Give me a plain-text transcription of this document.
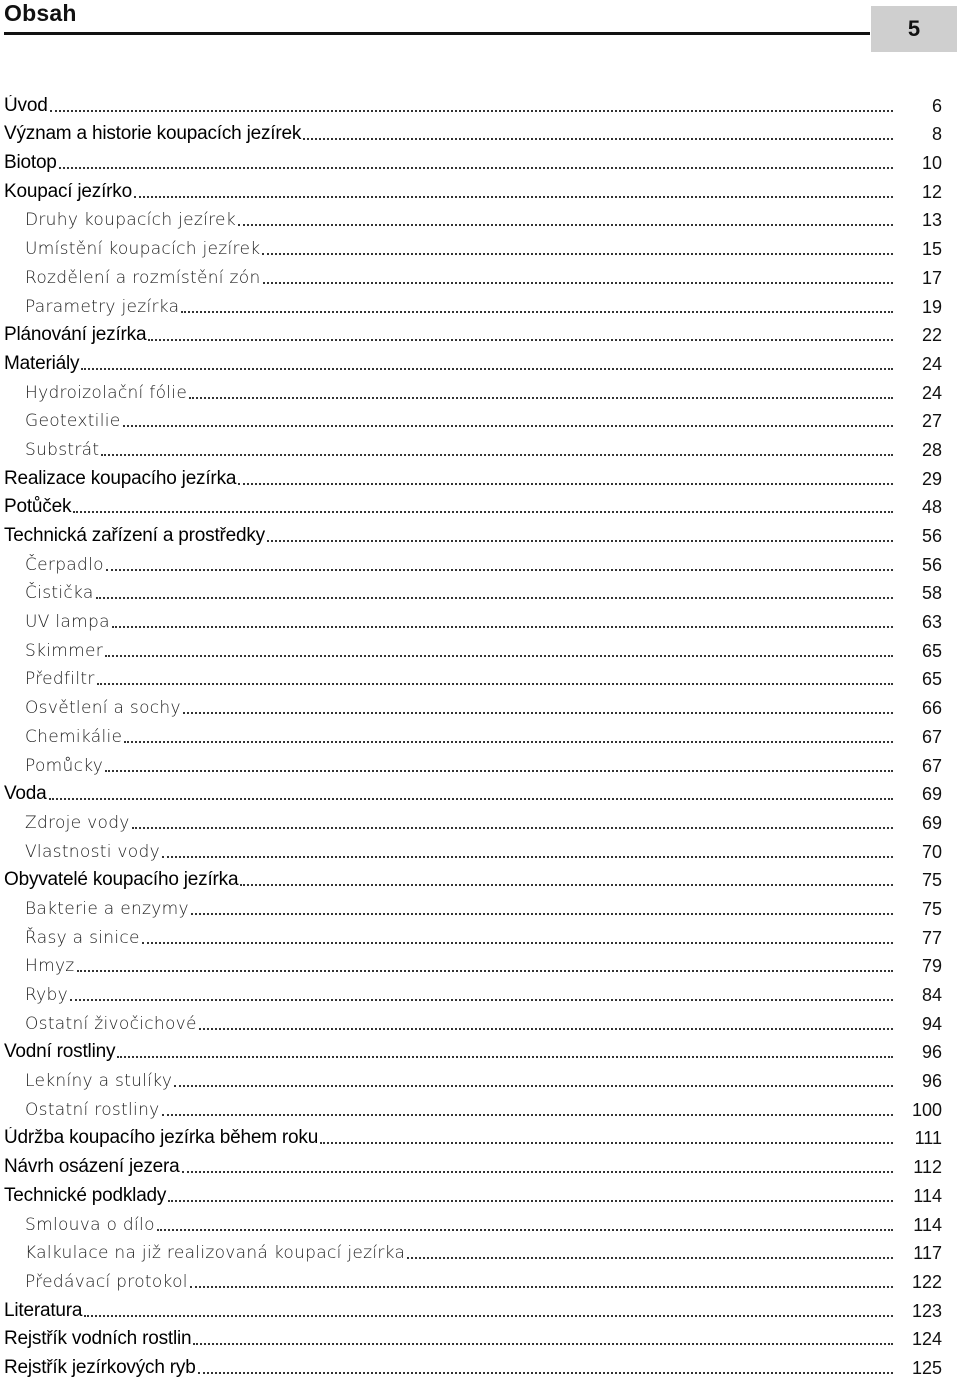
Obsah
5
Úvod	6
Význam a historie koupacích jezírek	8
Biotop	10
Koupací jezírko	12
Druhy koupacích jezírek	13
Umístění koupacích jezírek	15
Rozdělení a rozmístění zón	17
Parametry jezírka	19
Plánování jezírka	22
Materiály	24
Hydroizolační fólie	24
Geotextilie	27
Substrát	28
Realizace koupacího jezírka	29
Potůček	48
Technická zařízení a prostředky	56
Čerpadlo	56
Čistička	58
UV lampa	63
Skimmer	65
Předfiltr	65
Osvětlení a sochy	66
Chemikálie	67
Pomůcky	67
Voda	69
Zdroje vody	69
Vlastnosti vody	70
Obyvatelé koupacího jezírka	75
Bakterie a enzymy	75
Řasy a sinice	77
Hmyz	79
Ryby	84
Ostatní živočichové	94
Vodní rostliny	96
Lekníny a stulíky	96
Ostatní rostliny	100
Údržba koupacího jezírka během roku	111
Návrh osázení jezera	112
Technické podklady	114
Smlouva o dílo	114
Kalkulace na již realizovaná koupací jezírka	117
Předávací protokol	122
Literatura	123
Rejstřík vodních rostlin	124
Rejstřík jezírkových ryb	125
